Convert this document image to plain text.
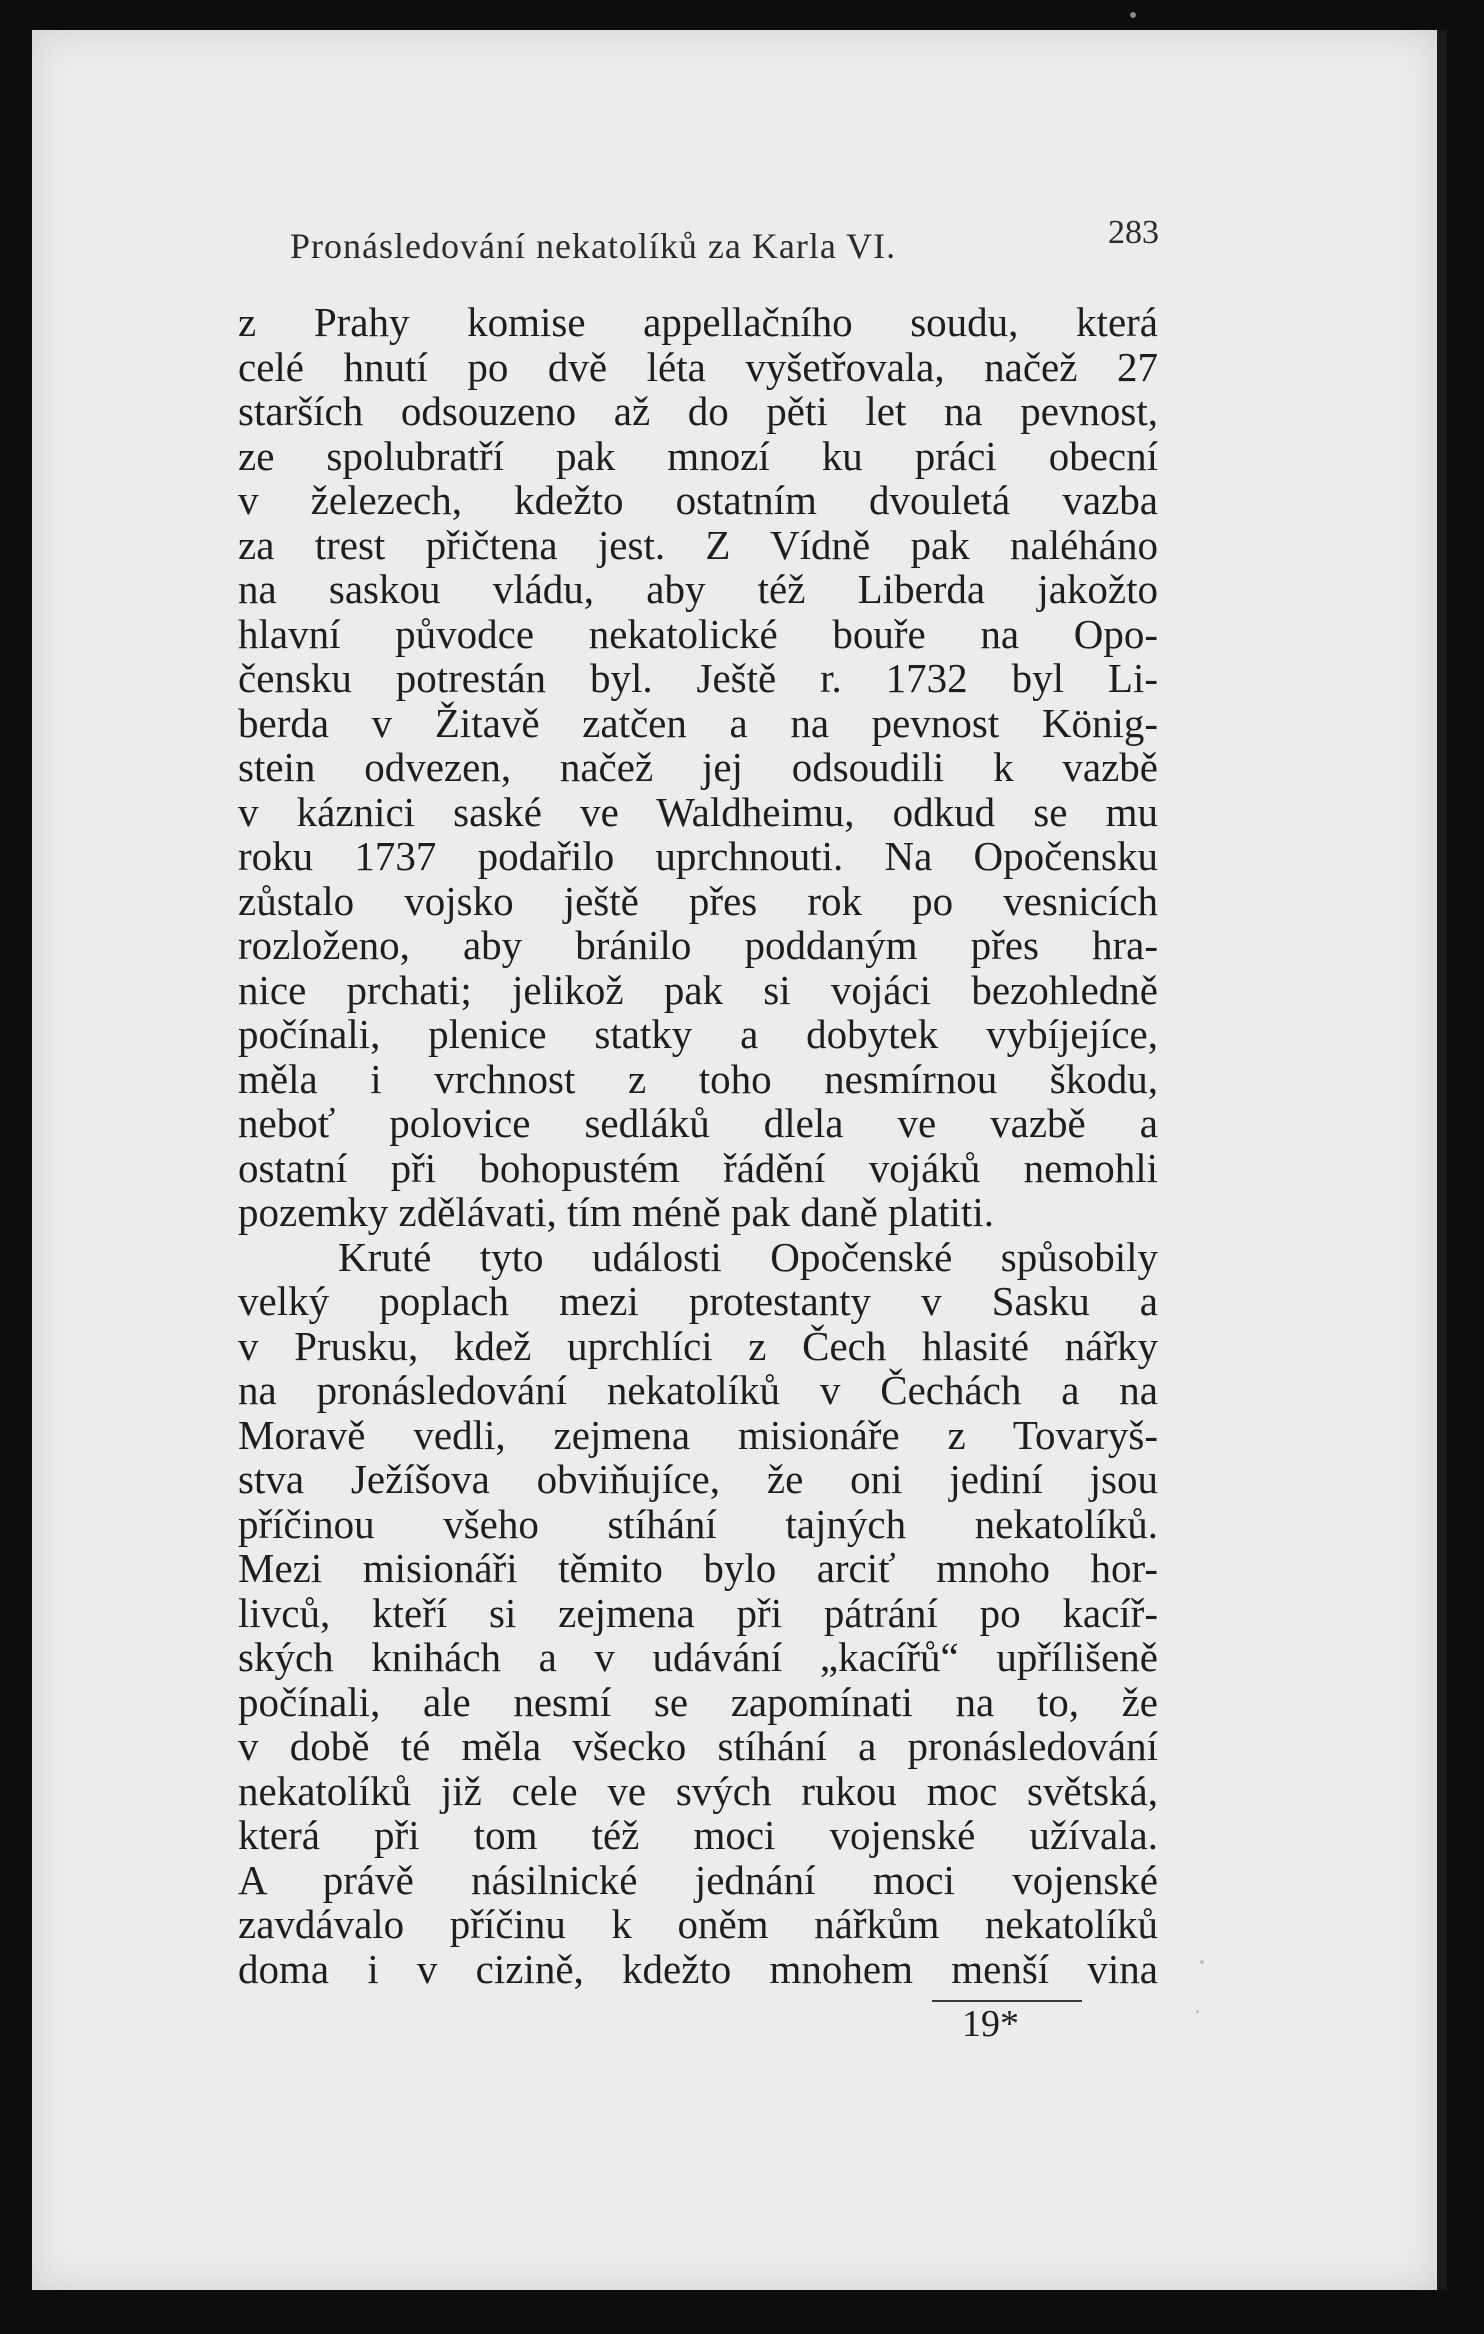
Pronásledování nekatolíků za Karla VI.	283
z Prahy komise appellačního soudu, která
celé hnutí po dvě léta vyšetřovala, načež 27
starších odsouzeno až do pěti let na pevnost,
ze spolubratří pak mnozí ku práci obecní
v železech, kdežto ostatním dvouletá vazba
za trest přičtena jest. Z Vídně pak naléháno
na saskou vládu, aby též Liberda jakožto
hlavní původce nekatolické bouře na Opo-
čensku potrestán byl. Ještě r. 1732 byl Li-
berda v Žitavě zatčen a na pevnost König-
stein odvezen, načež jej odsoudili k vazbě
v káznici saské ve Waldheimu, odkud se mu
roku 1737 podařilo uprchnouti. Na Opočensku
zůstalo vojsko ještě přes rok po vesnicích
rozloženo, aby bránilo poddaným přes hra-
nice prchati; jelikož pak si vojáci bezohledně
počínali, plenice statky a dobytek vybíjejíce,
měla i vrchnost z toho nesmírnou škodu,
neboť polovice sedláků dlela ve vazbě a
ostatní při bohopustém řádění vojáků nemohli
pozemky zdělávati, tím méně pak daně platiti.
Kruté tyto události Opočenské spůsobily
velký poplach mezi protestanty v Sasku a
v Prusku, kdež uprchlíci z Čech hlasité nářky
na pronásledování nekatolíků v Čechách a na
Moravě vedli, zejmena misionáře z Tovaryš-
stva Ježíšova obviňujíce, že oni jediní jsou
příčinou všeho stíhání tajných nekatolíků.
Mezi misionáři těmito bylo arciť mnoho hor-
livců, kteří si zejmena při pátrání po kacíř-
ských knihách a v udávání „kacířů“ upřílišeně
počínali, ale nesmí se zapomínati na to, že
v době té měla všecko stíhání a pronásledování
nekatolíků již cele ve svých rukou moc světská,
která při tom též moci vojenské užívala.
A právě násilnické jednání moci vojenské
zavdávalo příčinu k oněm nářkům nekatolíků
doma i v cizině, kdežto mnohem menší vina
19*
